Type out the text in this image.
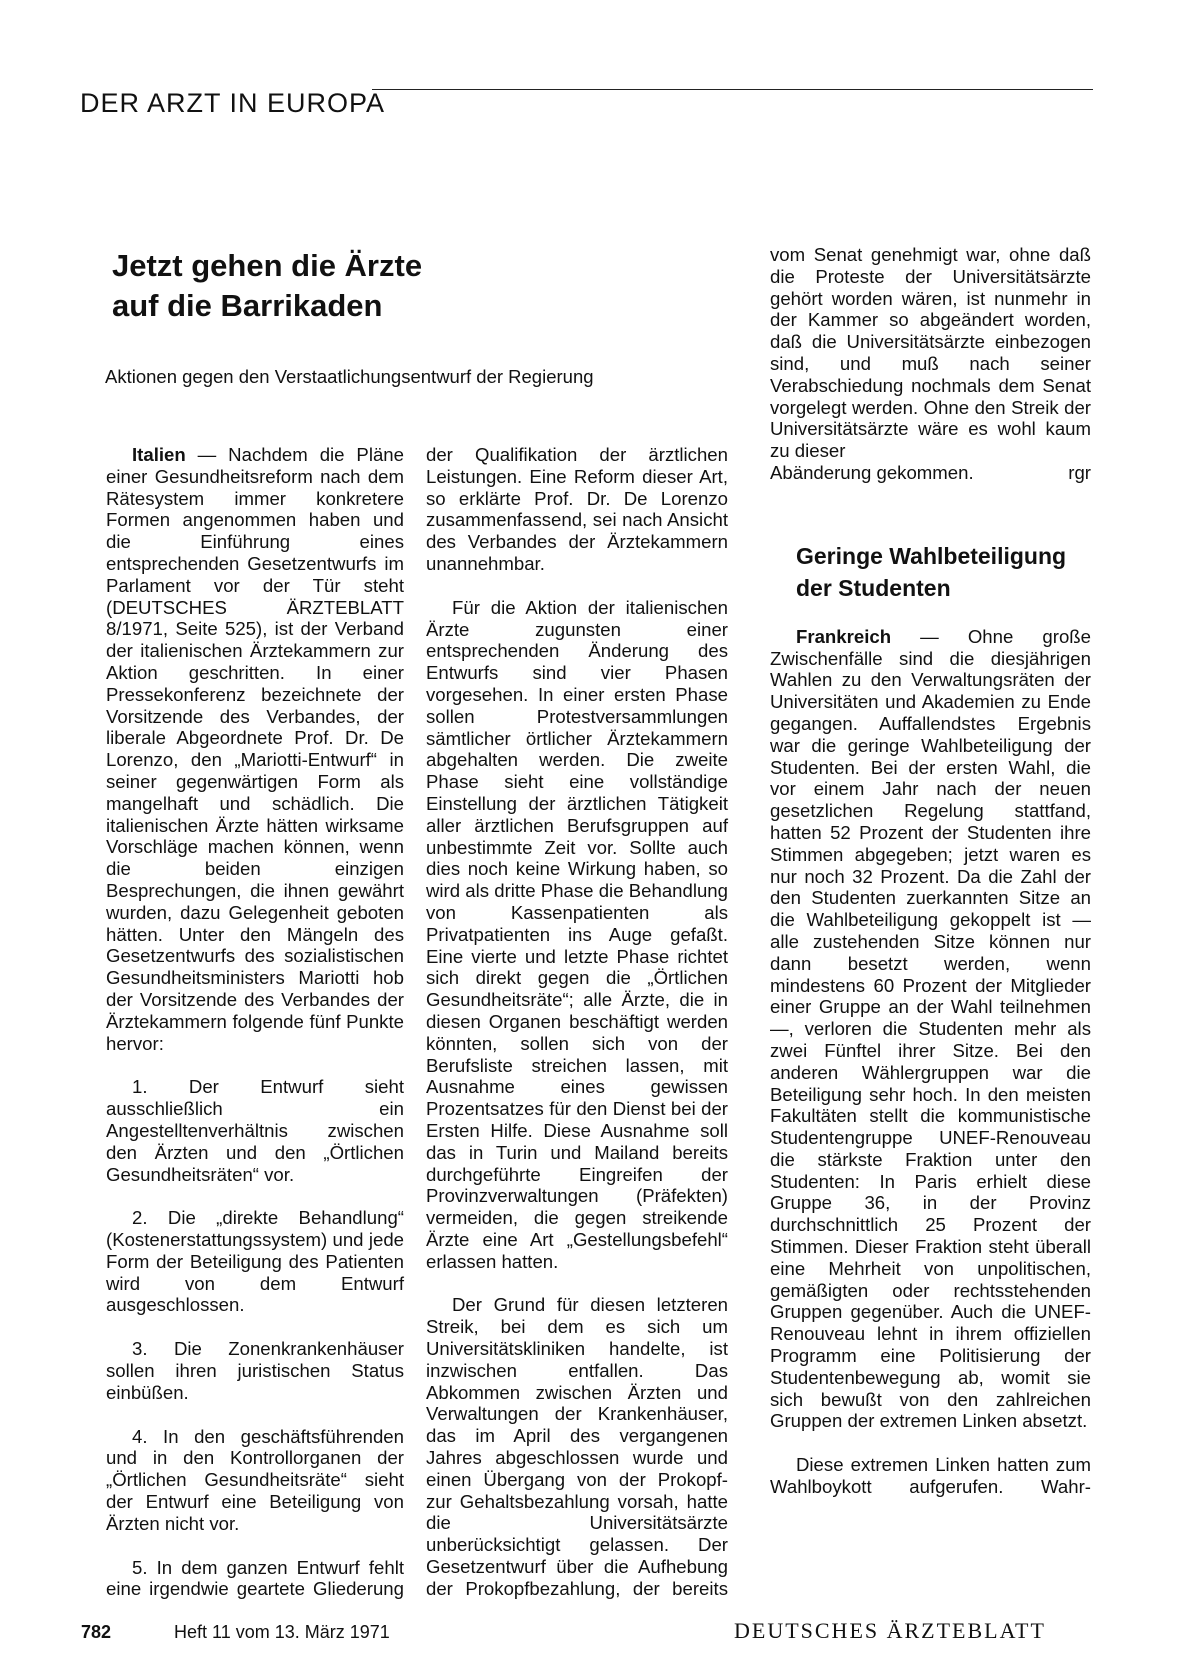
DER ARZT IN EUROPA
Jetzt gehen die Ärzte
auf die Barrikaden

Aktionen gegen den Verstaatlichungsentwurf der Regierung

Italien — Nachdem die Pläne einer Gesundheitsreform nach dem Rätesystem immer konkretere Formen angenommen haben und die Einführung eines entsprechenden Gesetzentwurfs im Parlament vor der Tür steht (DEUTSCHES ÄRZTEBLATT 8/1971, Seite 525), ist der Verband der italienischen Ärztekammern zur Aktion geschritten. In einer Pressekonferenz bezeichnete der Vorsitzende des Verbandes, der liberale Abgeordnete Prof. Dr. De Lorenzo, den „Mariotti-Entwurf“ in seiner gegenwärtigen Form als mangelhaft und schädlich. Die italienischen Ärzte hätten wirksame Vorschläge machen können, wenn die beiden einzigen Besprechungen, die ihnen gewährt wurden, dazu Gelegenheit geboten hätten. Unter den Mängeln des Gesetzentwurfs des sozialistischen Gesundheitsministers Mariotti hob der Vorsitzende des Verbandes der Ärztekammern folgende fünf Punkte hervor:

1. Der Entwurf sieht ausschließlich ein Angestelltenverhältnis zwischen den Ärzten und den „Örtlichen Gesundheitsräten“ vor.

2. Die „direkte Behandlung“ (Kostenerstattungssystem) und jede Form der Beteiligung des Patienten wird von dem Entwurf ausgeschlossen.

3. Die Zonenkrankenhäuser sollen ihren juristischen Status einbüßen.

4. In den geschäftsführenden und in den Kontrollorganen der „Örtlichen Gesundheitsräte“ sieht der Entwurf eine Beteiligung von Ärzten nicht vor.

5. In dem ganzen Entwurf fehlt eine irgendwie geartete Gliederung

der Qualifikation der ärztlichen Leistungen. Eine Reform dieser Art, so erklärte Prof. Dr. De Lorenzo zusammenfassend, sei nach Ansicht des Verbandes der Ärztekammern unannehmbar.

Für die Aktion der italienischen Ärzte zugunsten einer entsprechenden Änderung des Entwurfs sind vier Phasen vorgesehen. In einer ersten Phase sollen Protestversammlungen sämtlicher örtlicher Ärztekammern abgehalten werden. Die zweite Phase sieht eine vollständige Einstellung der ärztlichen Tätigkeit aller ärztlichen Berufsgruppen auf unbestimmte Zeit vor. Sollte auch dies noch keine Wirkung haben, so wird als dritte Phase die Behandlung von Kassenpatienten als Privatpatienten ins Auge gefaßt. Eine vierte und letzte Phase richtet sich direkt gegen die „Örtlichen Gesundheitsräte“; alle Ärzte, die in diesen Organen beschäftigt werden könnten, sollen sich von der Berufsliste streichen lassen, mit Ausnahme eines gewissen Prozentsatzes für den Dienst bei der Ersten Hilfe. Diese Ausnahme soll das in Turin und Mailand bereits durchgeführte Eingreifen der Provinzverwaltungen (Präfekten) vermeiden, die gegen streikende Ärzte eine Art „Gestellungsbefehl“ erlassen hatten.

Der Grund für diesen letzteren Streik, bei dem es sich um Universitätskliniken handelte, ist inzwischen entfallen. Das Abkommen zwischen Ärzten und Verwaltungen der Krankenhäuser, das im April des vergangenen Jahres abgeschlossen wurde und einen Übergang von der Prokopf- zur Gehaltsbezahlung vorsah, hatte die Universitätsärzte unberücksichtigt gelassen. Der Gesetzentwurf über die Aufhebung der Prokopfbezahlung, der bereits

vom Senat genehmigt war, ohne daß die Proteste der Universitätsärzte gehört worden wären, ist nunmehr in der Kammer so abgeändert worden, daß die Universitätsärzte einbezogen sind, und muß nach seiner Verabschiedung nochmals dem Senat vorgelegt werden. Ohne den Streik der Universitätsärzte wäre es wohl kaum zu dieser
Abänderung gekommen.	rgr

Geringe Wahlbeteiligung
der Studenten

Frankreich — Ohne große Zwischenfälle sind die diesjährigen Wahlen zu den Verwaltungsräten der Universitäten und Akademien zu Ende gegangen. Auffallendstes Ergebnis war die geringe Wahlbeteiligung der Studenten. Bei der ersten Wahl, die vor einem Jahr nach der neuen gesetzlichen Regelung stattfand, hatten 52 Prozent der Studenten ihre Stimmen abgegeben; jetzt waren es nur noch 32 Prozent. Da die Zahl der den Studenten zuerkannten Sitze an die Wahlbeteiligung gekoppelt ist — alle zustehenden Sitze können nur dann besetzt werden, wenn mindestens 60 Prozent der Mitglieder einer Gruppe an der Wahl teilnehmen —, verloren die Studenten mehr als zwei Fünftel ihrer Sitze. Bei den anderen Wählergruppen war die Beteiligung sehr hoch. In den meisten Fakultäten stellt die kommunistische Studentengruppe UNEF-Renouveau die stärkste Fraktion unter den Studenten: In Paris erhielt diese Gruppe 36, in der Provinz durchschnittlich 25 Prozent der Stimmen. Dieser Fraktion steht überall eine Mehrheit von unpolitischen, gemäßigten oder rechtsstehenden Gruppen gegenüber. Auch die UNEF-Renouveau lehnt in ihrem offiziellen Programm eine Politisierung der Studentenbewegung ab, womit sie sich bewußt von den zahlreichen Gruppen der extremen Linken absetzt.

Diese extremen Linken hatten zum Wahlboykott aufgerufen. Wahr-

782	Heft 11 vom 13. März 1971	DEUTSCHES ÄRZTEBLATT
